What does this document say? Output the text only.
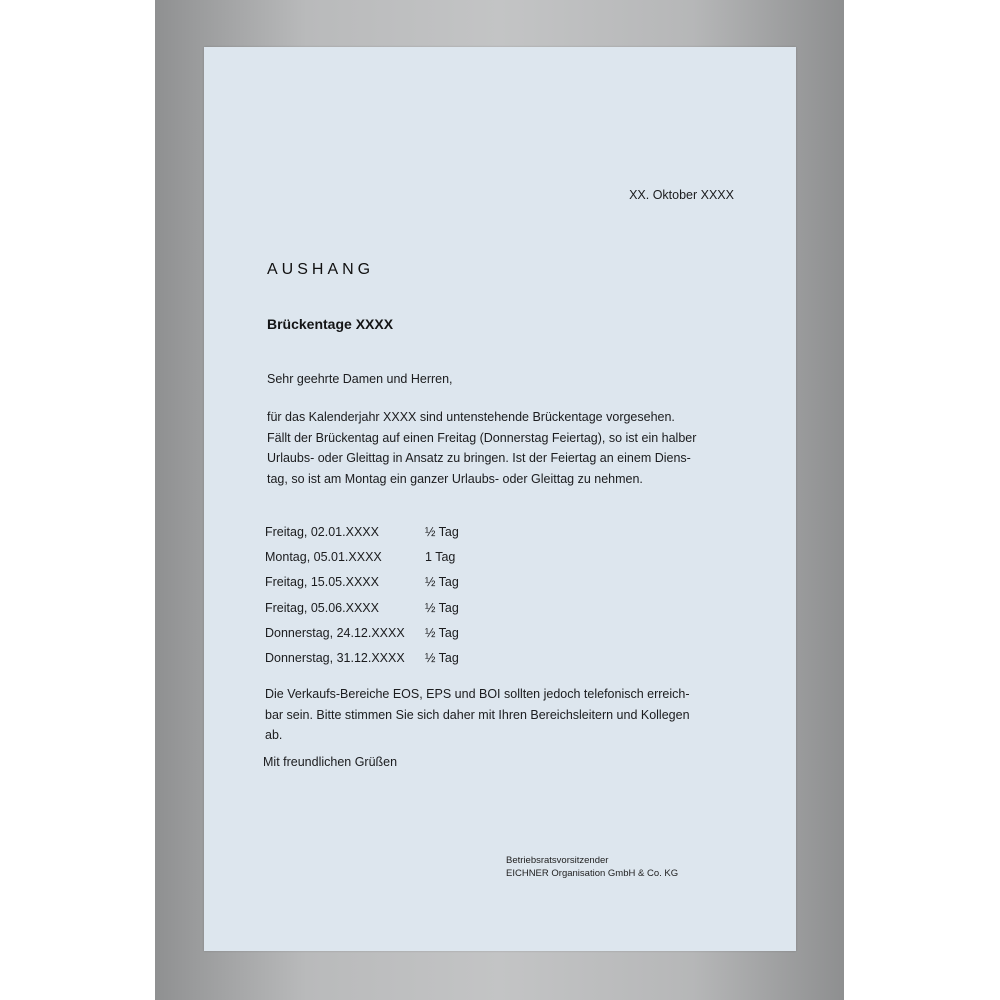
XX. Oktober XXXX
AUSHANG
Brückentage XXXX
Sehr geehrte Damen und Herren,
für das Kalenderjahr XXXX sind untenstehende Brückentage vorgesehen.
Fällt der Brückentag auf einen Freitag (Donnerstag Feiertag), so ist ein halber
Urlaubs- oder Gleittag in Ansatz zu bringen. Ist der Feiertag an einem Diens-
tag, so ist am Montag ein ganzer Urlaubs- oder Gleittag zu nehmen.
Freitag, 02.01.XXXX	½ Tag
Montag, 05.01.XXXX	1 Tag
Freitag, 15.05.XXXX	½ Tag
Freitag, 05.06.XXXX	½ Tag
Donnerstag, 24.12.XXXX ½ Tag
Donnerstag, 31.12.XXXX ½ Tag
Die Verkaufs-Bereiche EOS, EPS und BOI sollten jedoch telefonisch erreich-
bar sein. Bitte stimmen Sie sich daher mit Ihren Bereichsleitern und Kollegen
ab.
Mit freundlichen Grüßen
Betriebsratsvorsitzender
EICHNER Organisation GmbH & Co. KG
